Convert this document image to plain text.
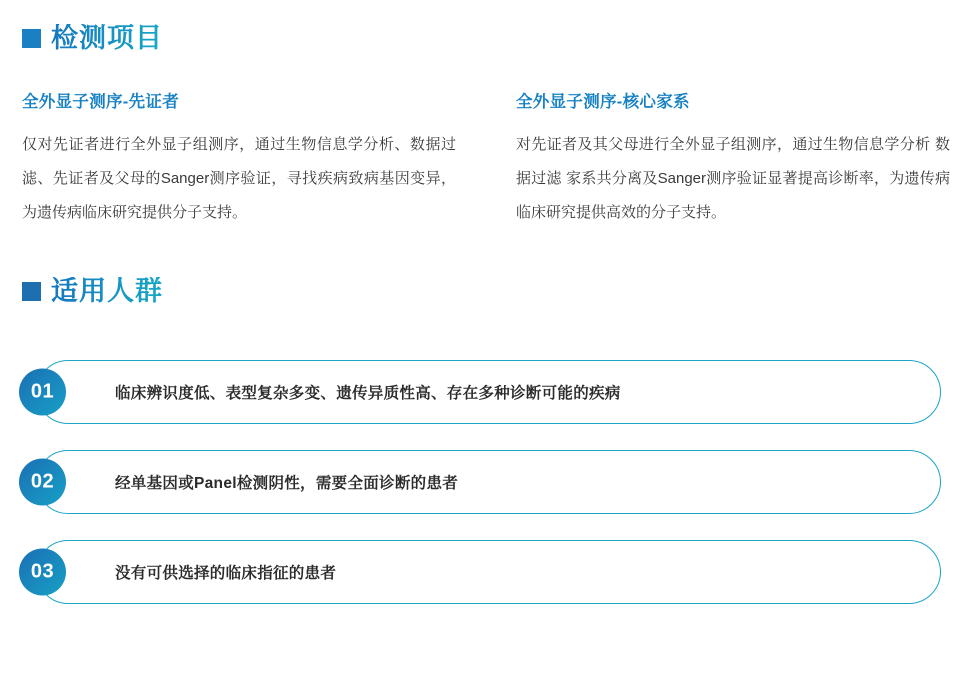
检测项目
全外显子测序-先证者

仅对先证者进行全外显子组测序，通过生物信息学分析、数据过滤、先证者及父母的Sanger测序验证，寻找疾病致病基因变异，为遗传病临床研究提供分子支持。

全外显子测序-核心家系

对先证者及其父母进行全外显子组测序，通过生物信息学分析 数据过滤 家系共分离及Sanger测序验证显著提高诊断率，为遗传病临床研究提供高效的分子支持。

适用人群
01	临床辨识度低、表型复杂多变、遗传异质性高、存在多种诊断可能的疾病
02	经单基因或Panel检测阴性，需要全面诊断的患者
03	没有可供选择的临床指征的患者
